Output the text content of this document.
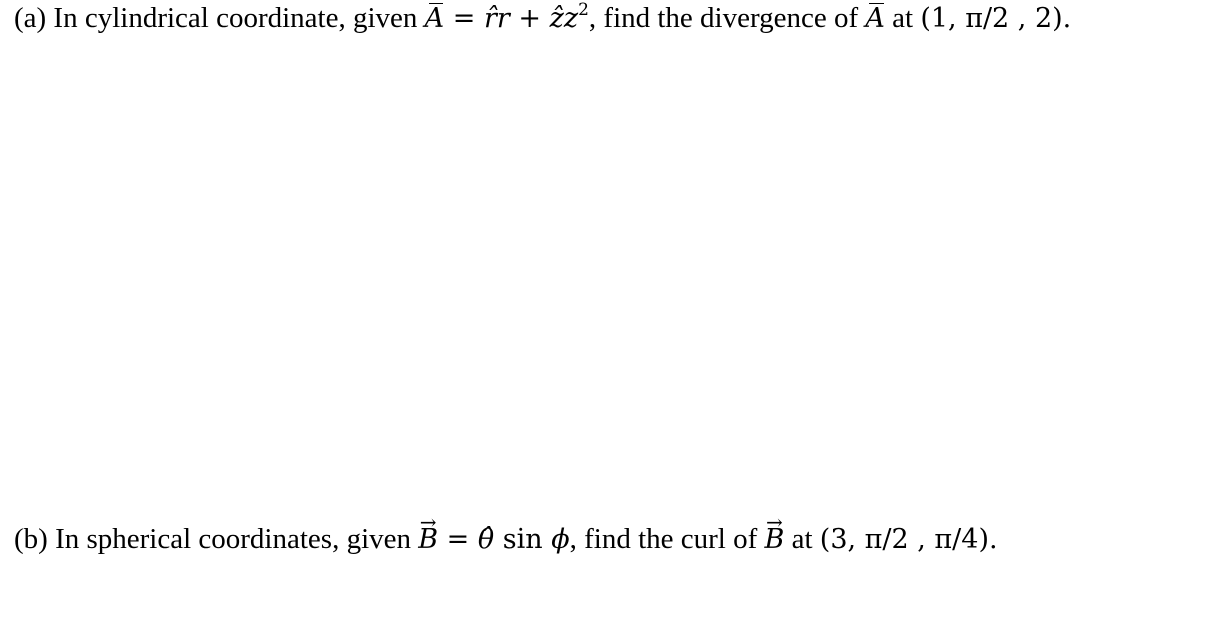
(a) In cylindrical coordinate, given A = r̂r + ẑz$^2$, find the divergence of A at (1, π/2 , 2).
(b) In spherical coordinates, given → B = θ̂ sin ϕ, find the curl of → B at (3, π/2 , π/4).
